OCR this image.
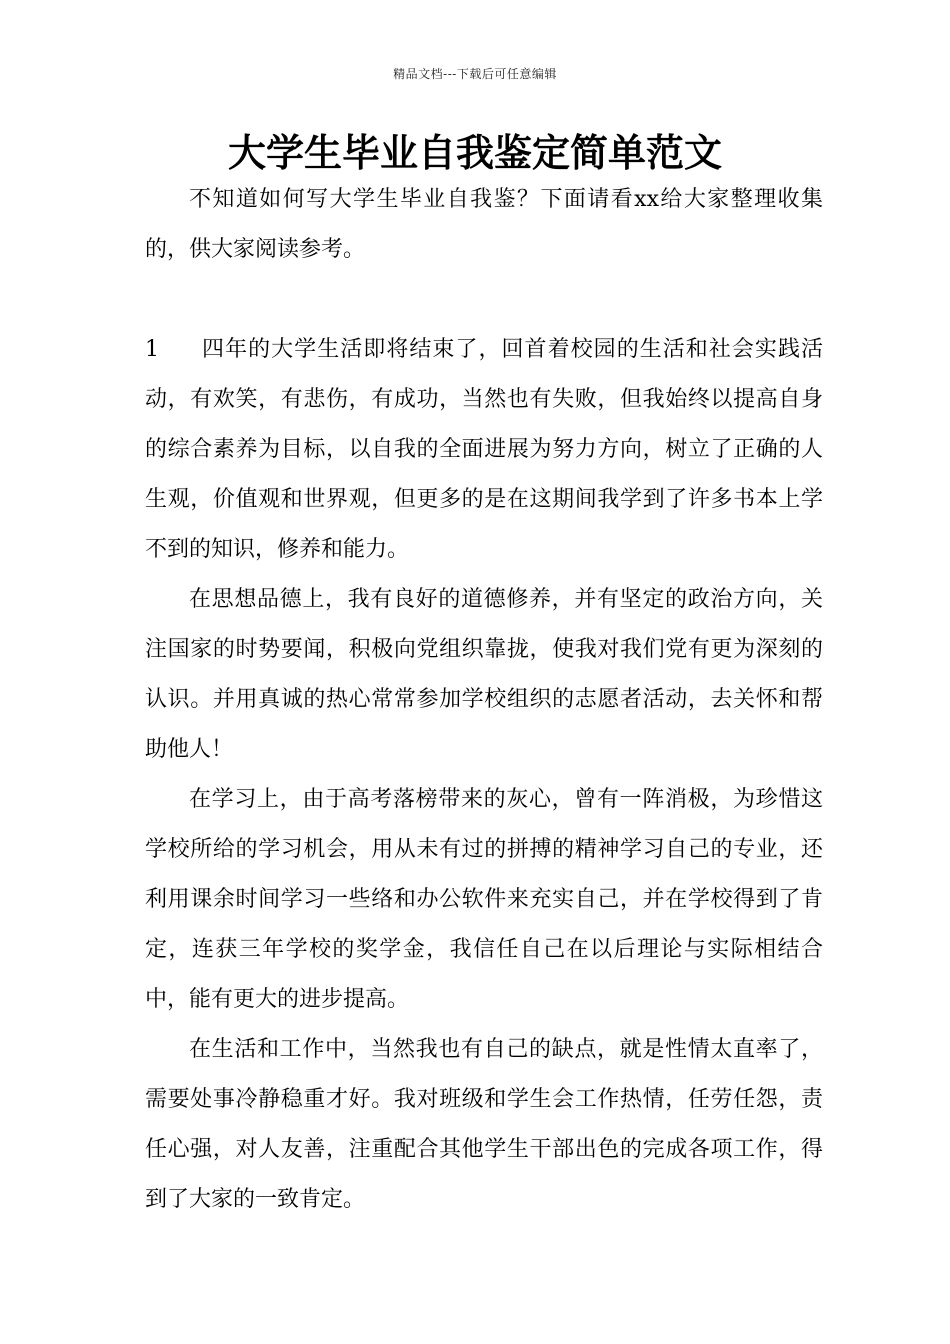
精品文档---下载后可任意编辑
大学生毕业自我鉴定简单范文

不知道如何写大学生毕业自我鉴？下面请看xx给大家整理收集的，供大家阅读参考。

1 四年的大学生活即将结束了，回首着校园的生活和社会实践活动，有欢笑，有悲伤，有成功，当然也有失败，但我始终以提高自身的综合素养为目标，以自我的全面进展为努力方向，树立了正确的人生观，价值观和世界观，但更多的是在这期间我学到了许多书本上学不到的知识，修养和能力。

在思想品德上，我有良好的道德修养，并有坚定的政治方向，关注国家的时势要闻，积极向党组织靠拢，使我对我们党有更为深刻的认识。并用真诚的热心常常参加学校组织的志愿者活动，去关怀和帮助他人！

在学习上，由于高考落榜带来的灰心，曾有一阵消极，为珍惜这学校所给的学习机会，用从未有过的拼搏的精神学习自己的专业，还利用课余时间学习一些络和办公软件来充实自己，并在学校得到了肯定，连获三年学校的奖学金，我信任自己在以后理论与实际相结合中，能有更大的进步提高。

在生活和工作中，当然我也有自己的缺点，就是性情太直率了，需要处事冷静稳重才好。我对班级和学生会工作热情，任劳任怨，责任心强，对人友善，注重配合其他学生干部出色的完成各项工作，得到了大家的一致肯定。
